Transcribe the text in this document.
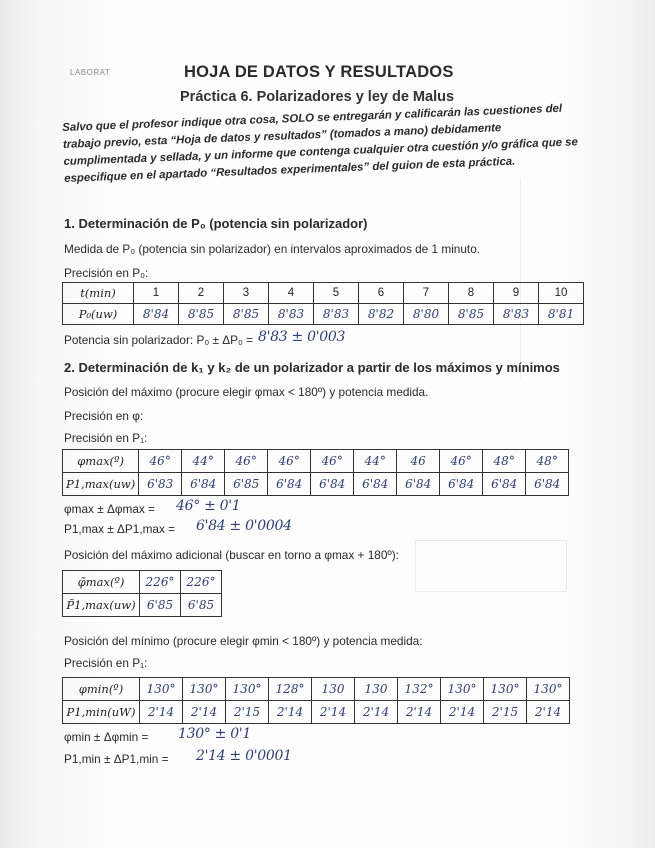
LABORAT	HOJA DE DATOS Y RESULTADOS
Práctica 6. Polarizadores y ley de Malus
Salvo que el profesor indique otra cosa, SOLO se entregarán y calificarán las cuestiones del trabajo previo, esta “Hoja de datos y resultados” (tomados a mano) debidamente cumplimentada y sellada, y un informe que contenga cualquier otra cuestión y/o gráfica que se especifique en el apartado “Resultados experimentales” del guion de esta práctica.
1. Determinación de P₀ (potencia sin polarizador)
Medida de P₀ (potencia sin polarizador) en intervalos aproximados de 1 minuto.
Precisión en P₀:
t(min)	1	2	3	4	5	6	7	8	9	10
P₀(uw)	8'84	8'85	8'85	8'83	8'83	8'82	8'80	8'85	8'83	8'81
Potencia sin polarizador: P₀ ± ΔP₀ = 8'83 ± 0'003
2. Determinación de k₁ y k₂ de un polarizador a partir de los máximos y mínimos
Posición del máximo (procure elegir φmax < 180º) y potencia medida.
Precisión en φ:
Precisión en P₁:
φmax(º)	46°	44°	46°	46°	46°	44°	46	46°	48°	48°
P1,max(uw)	6'83	6'84	6'85	6'84	6'84	6'84	6'84	6'84	6'84	6'84
φmax ± Δφmax = 46° ± 0'1
P1,max ± ΔP1,max = 6'84 ± 0'0004
Posición del máximo adicional (buscar en torno a φmax + 180º):
φ̃max(º)	226°	226°
P̃1,max(uw)	6'85	6'85
Posición del mínimo (procure elegir φmin < 180º) y potencia medida:
Precisión en P₁:
φmin(º)	130°	130°	130°	128°	130	130	132°	130°	130°	130°
P1,min(uW)	2'14	2'14	2'15	2'14	2'14	2'14	2'14	2'14	2'15	2'14
φmin ± Δφmin = 130° ± 0'1
P1,min ± ΔP1,min = 2'14 ± 0'0001
